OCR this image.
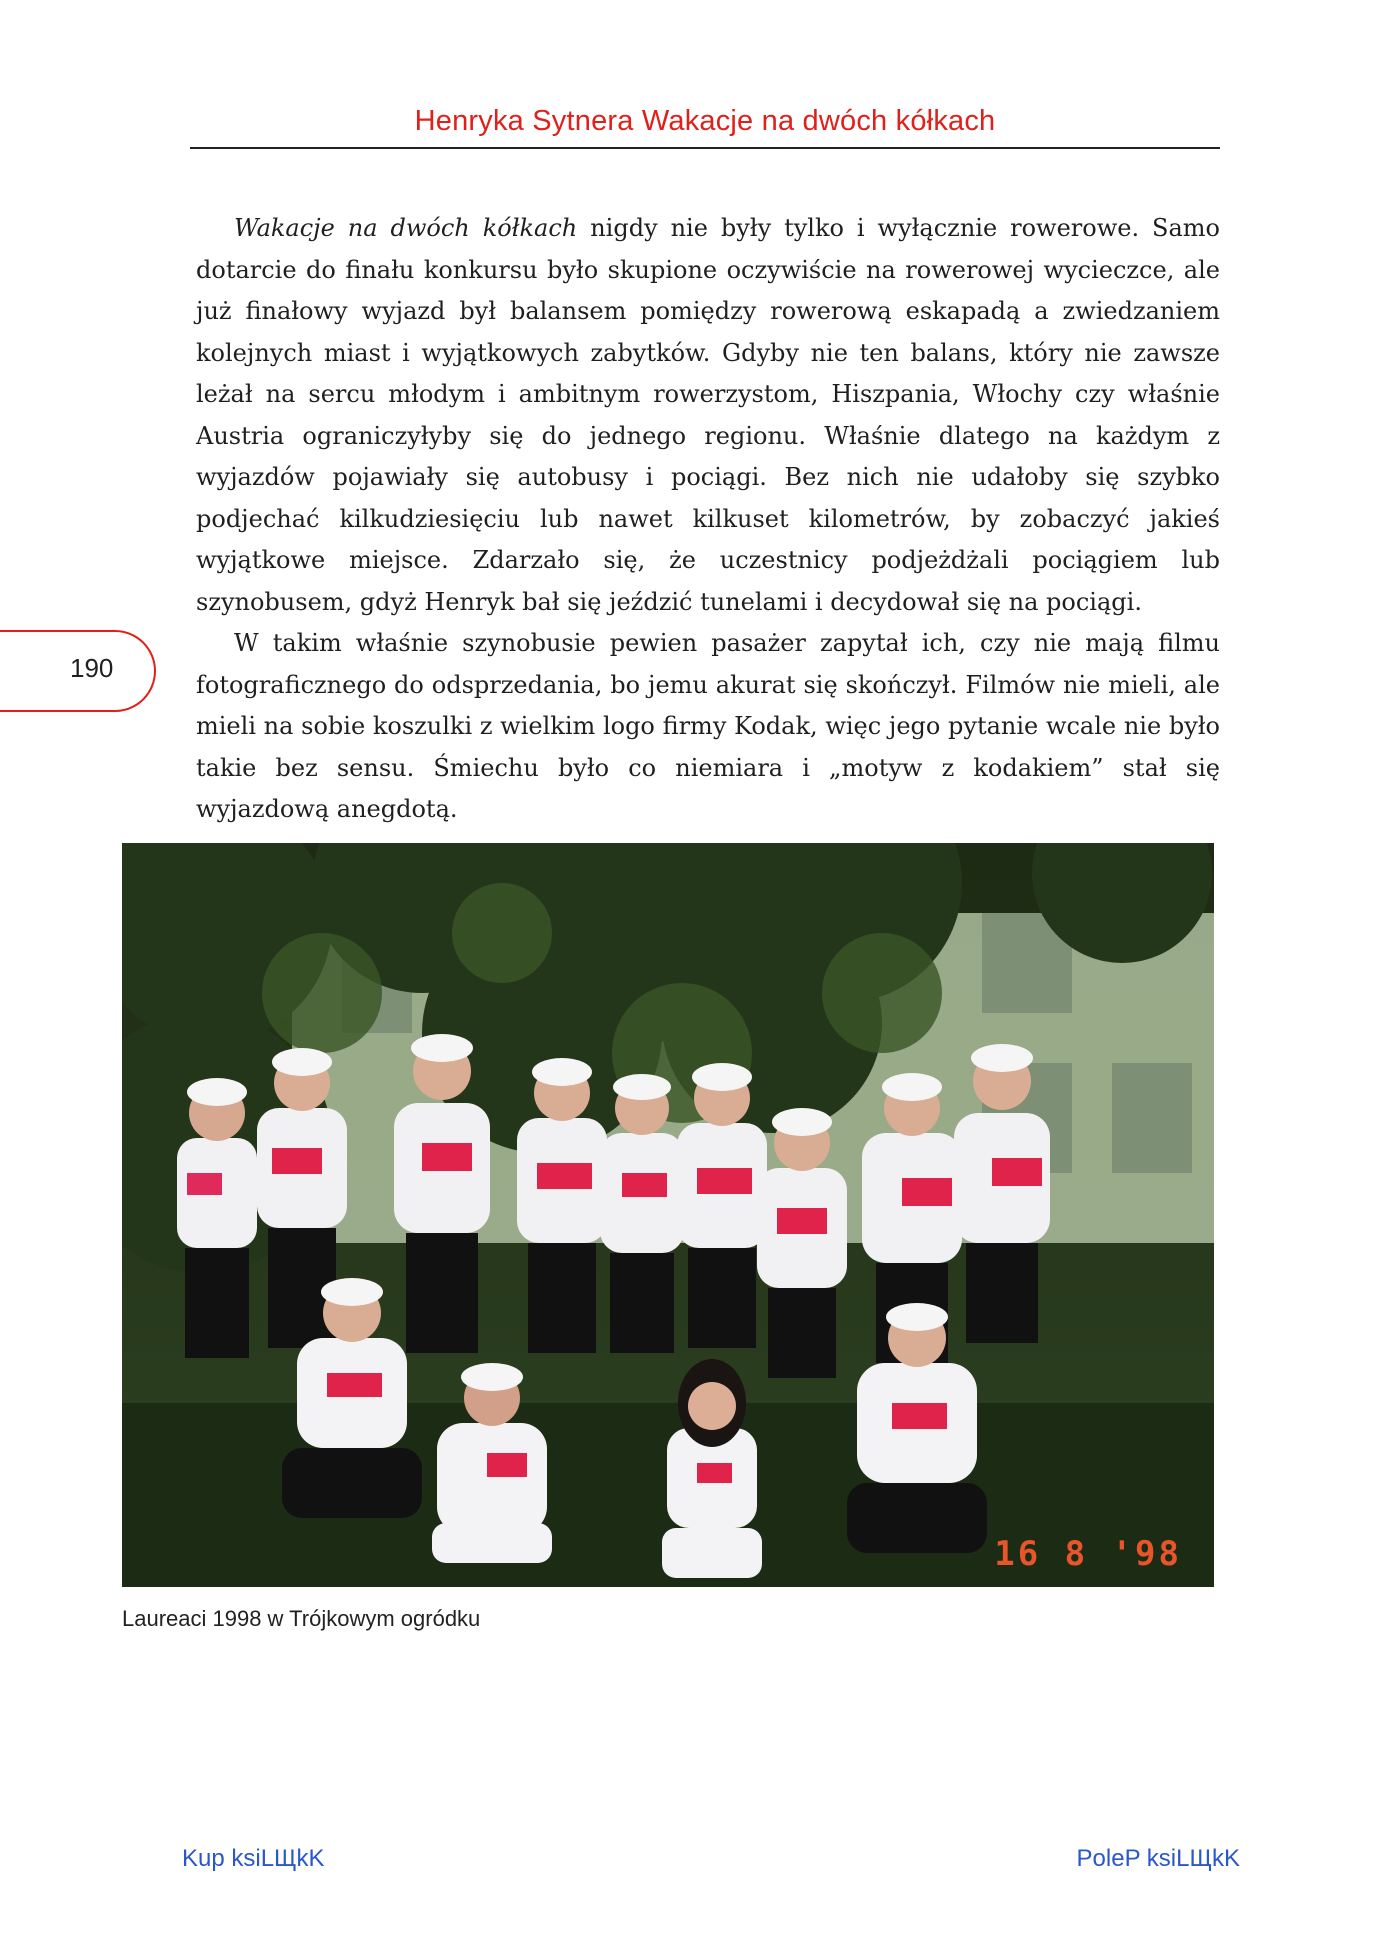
Henryka Sytnera Wakacje na dwóch kółkach

Wakacje na dwóch kółkach nigdy nie były tylko i wyłącznie rowerowe. Samo dotarcie do finału konkursu było skupione oczywiście na rowerowej wycieczce, ale już finałowy wyjazd był balansem pomiędzy rowerową eskapadą a zwiedzaniem kolejnych miast i wyjątkowych zabytków. Gdyby nie ten balans, który nie zawsze leżał na sercu młodym i ambitnym rowerzystom, Hiszpania, Włochy czy właśnie Austria ograniczyłyby się do jednego regionu. Właśnie dlatego na każdym z wyjazdów pojawiały się autobusy i pociągi. Bez nich nie udałoby się szybko podjechać kilkudziesięciu lub nawet kilkuset kilometrów, by zobaczyć jakieś wyjątkowe miejsce. Zdarzało się, że uczestnicy podjeżdżali pociągiem lub szynobusem, gdyż Henryk bał się jeździć tunelami i decydował się na pociągi.

W takim właśnie szynobusie pewien pasażer zapytał ich, czy nie mają filmu fotograficznego do odsprzedania, bo jemu akurat się skończył. Filmów nie mieli, ale mieli na sobie koszulki z wielkim logo firmy Kodak, więc jego pytanie wcale nie było takie bez sensu. Śmiechu było co niemiara i „motyw z kodakiem” stał się wyjazdową anegdotą.

190
16 8 '98
Laureaci 1998 w Trójkowym ogródku
Kup ksiLЩkK	PoleP ksiLЩkK
